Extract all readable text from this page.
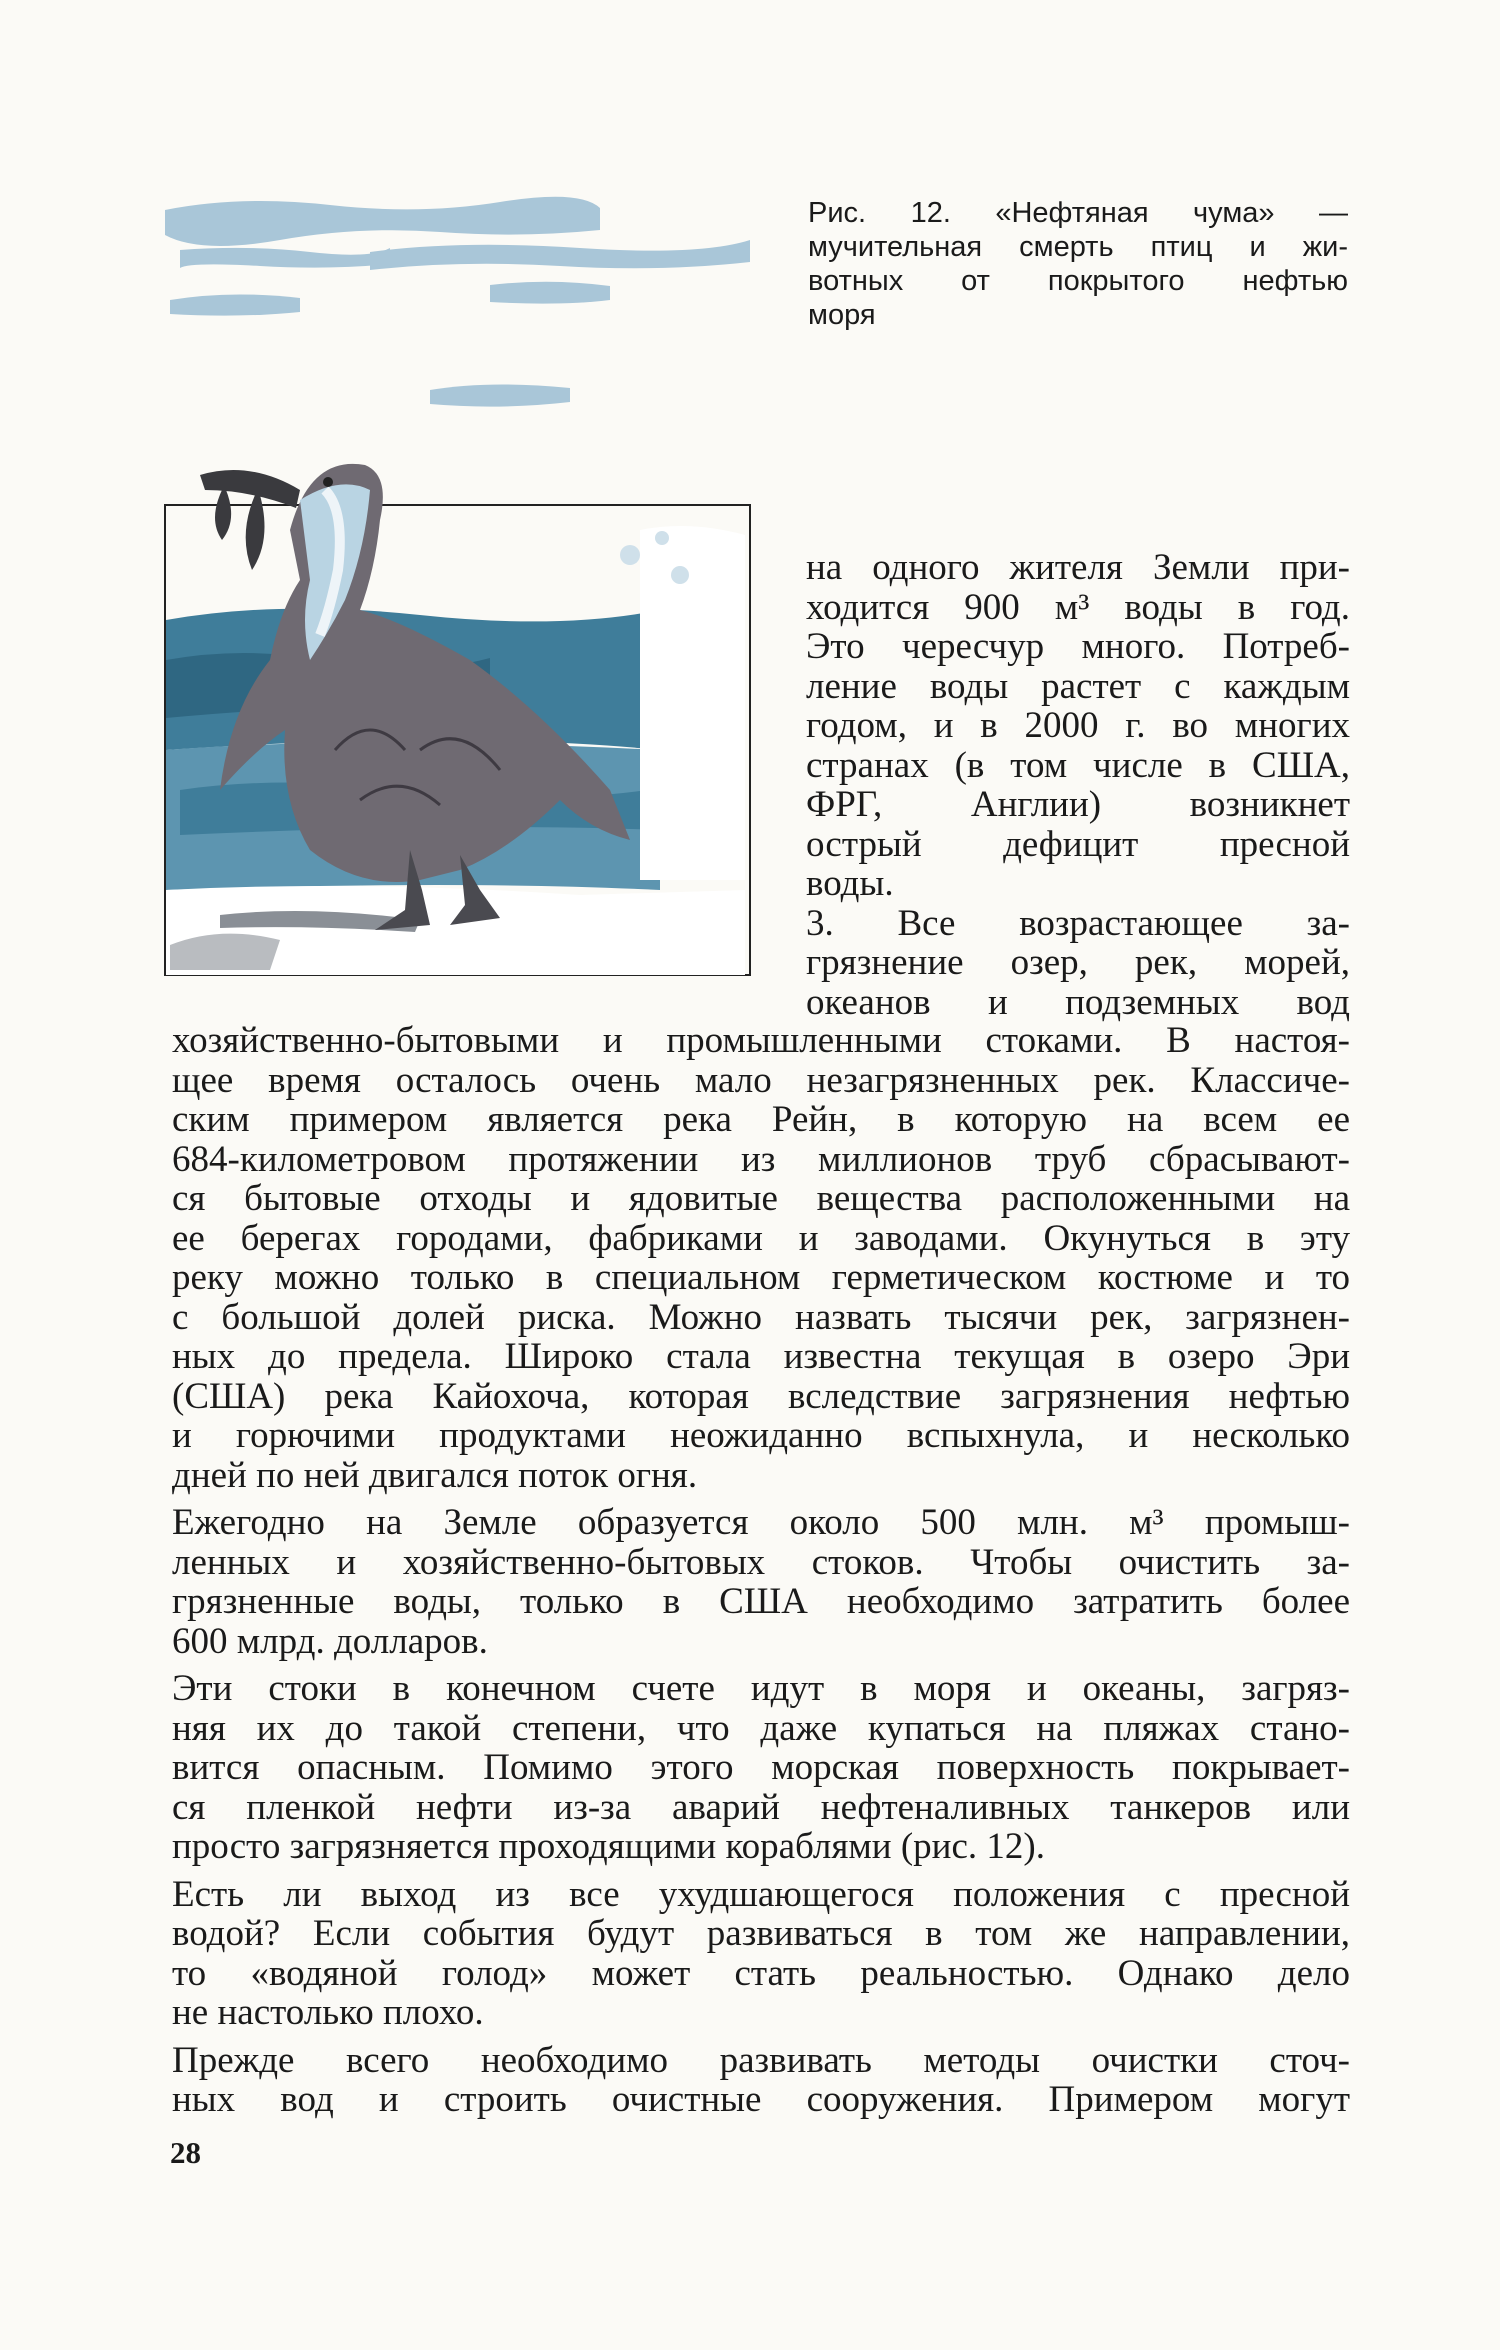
Рис. 12. «Нефтяная чума» —
мучительная смерть птиц и жи-
вотных от покрытого нефтью
моря
на одного жителя Земли при-
ходится 900 м³ воды в год.
Это чересчур много. Потреб-
ление воды растет с каждым
годом, и в 2000 г. во многих
странах (в том числе в США,
ФРГ, Англии) возникнет
острый дефицит пресной
воды.
3. Все возрастающее за-
грязнение озер, рек, морей,
океанов и подземных вод
хозяйственно-бытовыми и промышленными стоками. В настоя-
щее время осталось очень мало незагрязненных рек. Классиче-
ским примером является река Рейн, в которую на всем ее
684-километровом протяжении из миллионов труб сбрасывают-
ся бытовые отходы и ядовитые вещества расположенными на
ее берегах городами, фабриками и заводами. Окунуться в эту
реку можно только в специальном герметическом костюме и то
с большой долей риска. Можно назвать тысячи рек, загрязнен-
ных до предела. Широко стала известна текущая в озеро Эри
(США) река Кайохоча, которая вследствие загрязнения нефтью
и горючими продуктами неожиданно вспыхнула, и несколько
дней по ней двигался поток огня.
Ежегодно на Земле образуется около 500 млн. м³ промыш-
ленных и хозяйственно-бытовых стоков. Чтобы очистить за-
грязненные воды, только в США необходимо затратить более
600 млрд. долларов.
Эти стоки в конечном счете идут в моря и океаны, загряз-
няя их до такой степени, что даже купаться на пляжах стано-
вится опасным. Помимо этого морская поверхность покрывает-
ся пленкой нефти из-за аварий нефтеналивных танкеров или
просто загрязняется проходящими кораблями (рис. 12).
Есть ли выход из все ухудшающегося положения с пресной
водой? Если события будут развиваться в том же направлении,
то «водяной голод» может стать реальностью. Однако дело
не настолько плохо.
Прежде всего необходимо развивать методы очистки сточ-
ных вод и строить очистные сооружения. Примером могут
28
